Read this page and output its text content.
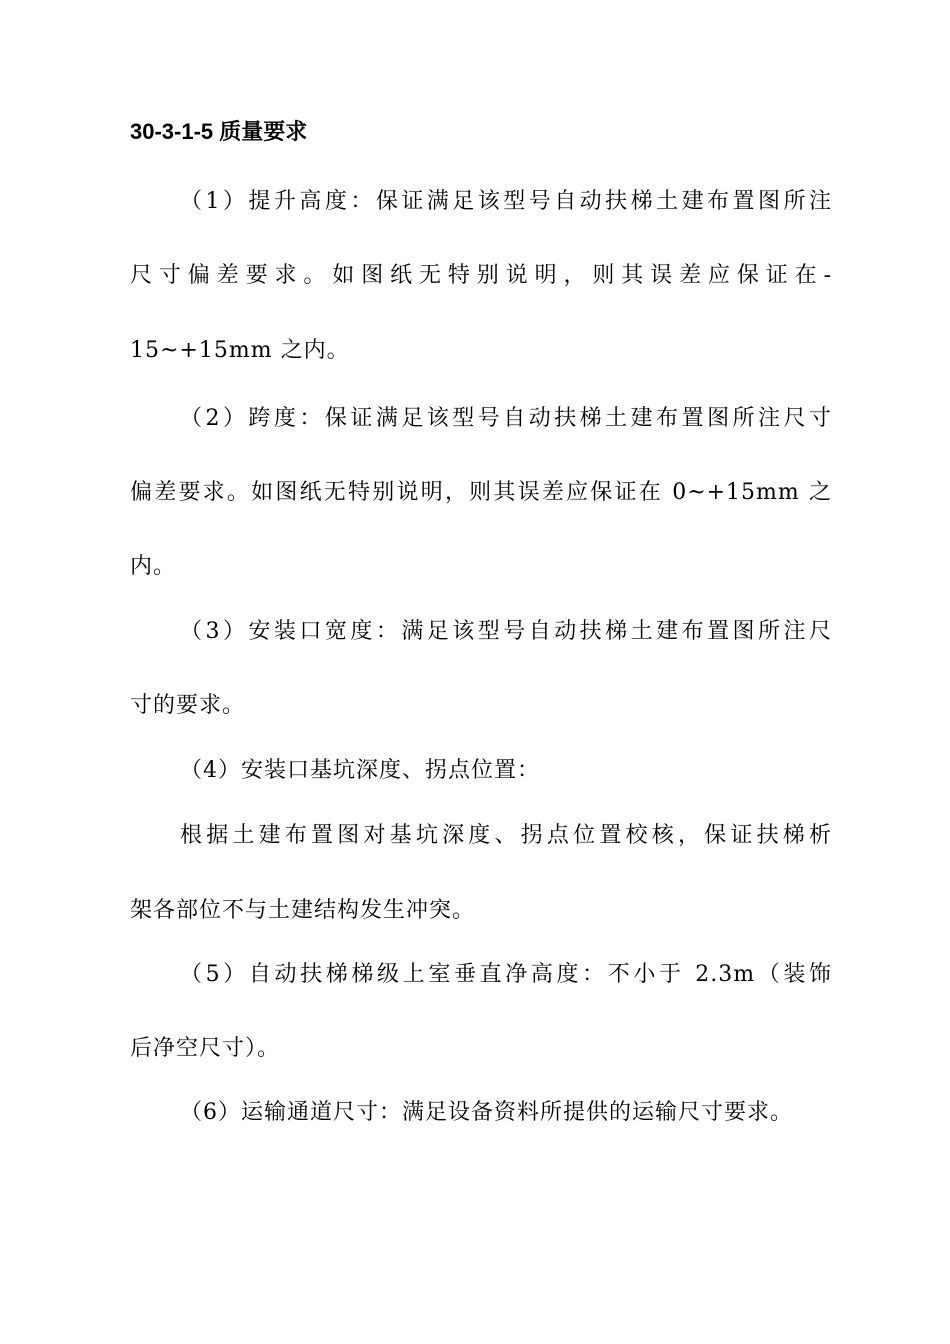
30-3-1-5 质量要求
（1）提升高度：保证满足该型号自动扶梯土建布置图所注
尺寸偏差要求。如图纸无特别说明，则其误差应保证在-
15~+15mm 之内。
（2）跨度：保证满足该型号自动扶梯土建布置图所注尺寸
偏差要求。如图纸无特别说明，则其误差应保证在 0~+15mm 之
内。
（3）安装口宽度：满足该型号自动扶梯土建布置图所注尺
寸的要求。
（4）安装口基坑深度、拐点位置：
根据土建布置图对基坑深度、拐点位置校核，保证扶梯析
架各部位不与土建结构发生冲突。
（5）自动扶梯梯级上室垂直净高度：不小于 2.3m（装饰
后净空尺寸）。
（6）运输通道尺寸：满足设备资料所提供的运输尺寸要求。
